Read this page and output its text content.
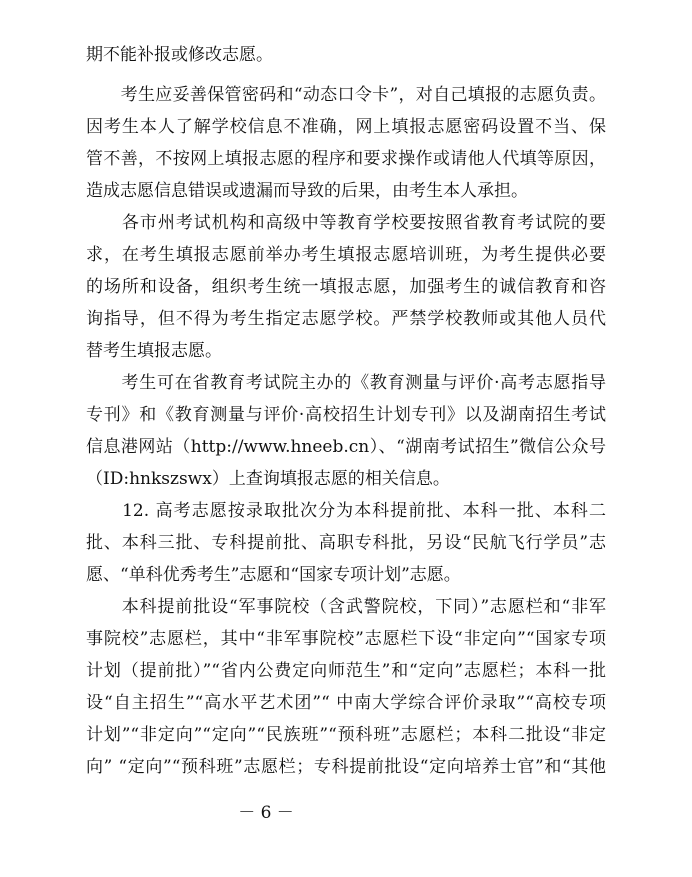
期不能补报或修改志愿。
　　考生应妥善保管密码和“动态口令卡”，对自己填报的志愿负责。
因考生本人了解学校信息不准确，网上填报志愿密码设置不当、保
管不善，不按网上填报志愿的程序和要求操作或请他人代填等原因，
造成志愿信息错误或遗漏而导致的后果，由考生本人承担。
　　各市州考试机构和高级中等教育学校要按照省教育考试院的要
求，在考生填报志愿前举办考生填报志愿培训班，为考生提供必要
的场所和设备，组织考生统一填报志愿，加强考生的诚信教育和咨
询指导，但不得为考生指定志愿学校。严禁学校教师或其他人员代
替考生填报志愿。
　　考生可在省教育考试院主办的《教育测量与评价·高考志愿指导
专刊》和《教育测量与评价·高校招生计划专刊》以及湖南招生考试
信息港网站（http://www.hneeb.cn）、“湖南考试招生”微信公众号
（ID:hnkszswx）上查询填报志愿的相关信息。
　　12. 高考志愿按录取批次分为本科提前批、本科一批、本科二
批、本科三批、专科提前批、高职专科批，另设“民航飞行学员”志
愿、“单科优秀考生”志愿和“国家专项计划”志愿。
　　本科提前批设“军事院校（含武警院校，下同）”志愿栏和“非军
事院校”志愿栏，其中“非军事院校”志愿栏下设“非定向”“国家专项
计划（提前批）”“省内公费定向师范生”和“定向”志愿栏；本科一批
设“自主招生”“高水平艺术团”“ 中南大学综合评价录取”“高校专项
计划”“非定向”“定向”“民族班”“预科班”志愿栏；本科二批设“非定
向” “定向”“预科班”志愿栏；专科提前批设“定向培养士官”和“其他
－ 6 －
